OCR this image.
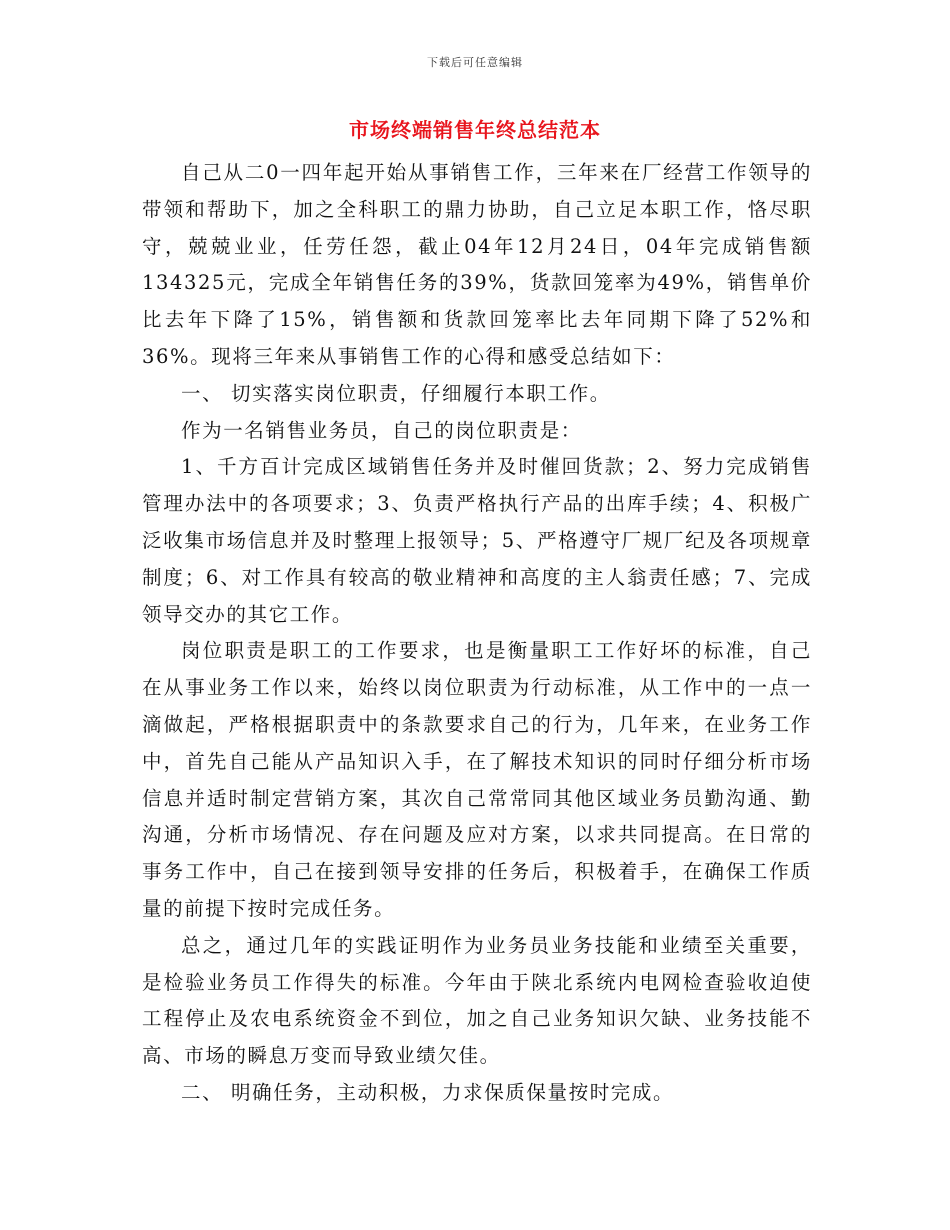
下载后可任意编辑
市场终端销售年终总结范本

自己从二0一四年起开始从事销售工作，三年来在厂经营工作领导的带领和帮助下，加之全科职工的鼎力协助，自己立足本职工作，恪尽职守，兢兢业业，任劳任怨，截止04年12月24日，04年完成销售额134325元，完成全年销售任务的39%，货款回笼率为49%，销售单价比去年下降了15%，销售额和货款回笼率比去年同期下降了52%和36%。现将三年来从事销售工作的心得和感受总结如下：

一、 切实落实岗位职责，仔细履行本职工作。

作为一名销售业务员，自己的岗位职责是：

1、千方百计完成区域销售任务并及时催回货款；2、努力完成销售管理办法中的各项要求；3、负责严格执行产品的出库手续；4、积极广泛收集市场信息并及时整理上报领导；5、严格遵守厂规厂纪及各项规章制度；6、对工作具有较高的敬业精神和高度的主人翁责任感；7、完成领导交办的其它工作。

岗位职责是职工的工作要求，也是衡量职工工作好坏的标准，自己在从事业务工作以来，始终以岗位职责为行动标准，从工作中的一点一滴做起，严格根据职责中的条款要求自己的行为，几年来，在业务工作中，首先自己能从产品知识入手，在了解技术知识的同时仔细分析市场信息并适时制定营销方案，其次自己常常同其他区域业务员勤沟通、勤沟通，分析市场情况、存在问题及应对方案，以求共同提高。在日常的事务工作中，自己在接到领导安排的任务后，积极着手，在确保工作质量的前提下按时完成任务。

总之，通过几年的实践证明作为业务员业务技能和业绩至关重要，是检验业务员工作得失的标准。今年由于陕北系统内电网检查验收迫使工程停止及农电系统资金不到位，加之自己业务知识欠缺、业务技能不高、市场的瞬息万变而导致业绩欠佳。

二、 明确任务，主动积极，力求保质保量按时完成。
